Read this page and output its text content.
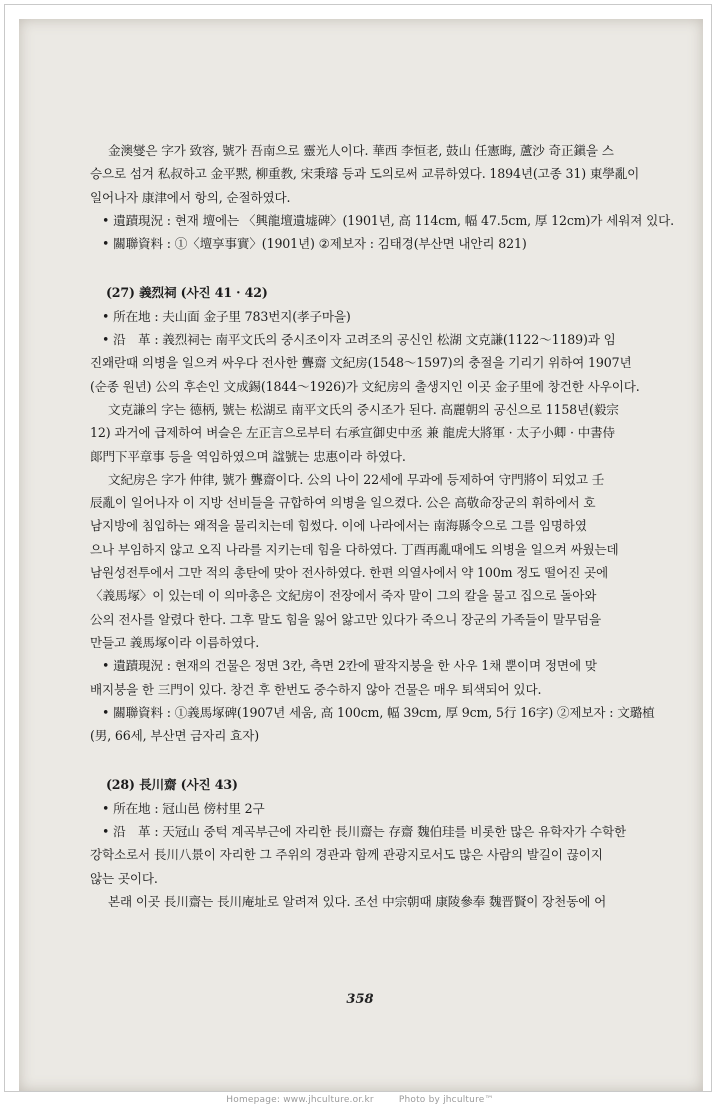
金澳燮은 字가 致容, 號가 吾南으로 靈光人이다. 華西 李恒老, 鼓山 任憲晦, 蘆沙 奇正鎭을 스

승으로 섬겨 私叔하고 金平黙, 柳重教, 宋秉璿 등과 도의로써 교류하였다. 1894년(고종 31) 東學亂이

일어나자 康津에서 항의, 순절하였다.

• 遺蹟現況 : 현재 壇에는 〈興龍壇遺墟碑〉(1901년, 高 114cm, 幅 47.5cm, 厚 12cm)가 세워져 있다.

• 關聯資料 : ①〈壇享事實〉(1901년) ②제보자 : 김태경(부산면 내안리 821)

(27) 義烈祠 (사진 41 · 42)

• 所在地 : 夫山面 金子里 783번지(孝子마을)

• 沿　革 : 義烈祠는 南平文氏의 중시조이자 고려조의 공신인 松湖 文克謙(1122～1189)과 임

진왜란때 의병을 일으켜 싸우다 전사한 聾齋 文紀房(1548～1597)의 충절을 기리기 위하여 1907년

(순종 원년) 公의 후손인 文成錫(1844～1926)가 文紀房의 출생지인 이곳 金子里에 창건한 사우이다.

文克謙의 字는 德柄, 號는 松湖로 南平文氏의 중시조가 된다. 高麗朝의 공신으로 1158년(毅宗

12) 과거에 급제하여 벼슬은 左正言으로부터 右承宣御史中丞 兼 龍虎大將軍 · 太子小卿 · 中書侍

郞門下平章事 등을 역임하였으며 諡號는 忠惠이라 하였다.

文紀房은 字가 仲律, 號가 聾齋이다. 公의 나이 22세에 무과에 등제하여 守門將이 되었고 壬

辰亂이 일어나자 이 지방 선비들을 규합하여 의병을 일으켰다. 公은 高敬命장군의 휘하에서 호

남지방에 침입하는 왜적을 물리치는데 힘썼다. 이에 나라에서는 南海縣令으로 그를 임명하였

으나 부임하지 않고 오직 나라를 지키는데 힘을 다하였다. 丁酉再亂때에도 의병을 일으켜 싸웠는데

남원성전투에서 그만 적의 총탄에 맞아 전사하였다. 한편 의열사에서 약 100m 정도 떨어진 곳에

〈義馬塚〉이 있는데 이 의마총은 文紀房이 전장에서 죽자 말이 그의 칼을 물고 집으로 돌아와

公의 전사를 알렸다 한다. 그후 말도 힘을 잃어 앓고만 있다가 죽으니 장군의 가족들이 말무덤을

만들고 義馬塚이라 이름하였다.

• 遺蹟現況 : 현재의 건물은 정면 3칸, 측면 2칸에 팔작지붕을 한 사우 1채 뿐이며 정면에 맞

배지붕을 한 三門이 있다. 창건 후 한번도 중수하지 않아 건물은 매우 퇴색되어 있다.

• 關聯資料 : ①義馬塚碑(1907년 세움, 高 100cm, 幅 39cm, 厚 9cm, 5行 16字) ②제보자 : 文璐植

(男, 66세, 부산면 금자리 효자)

(28) 長川齋 (사진 43)

• 所在地 : 冠山邑 傍村里 2구

• 沿　革 : 天冠山 중턱 계곡부근에 자리한 長川齋는 存齋 魏伯珪를 비롯한 많은 유학자가 수학한

강학소로서 長川八景이 자리한 그 주위의 경관과 함께 관광지로서도 많은 사람의 발길이 끊이지

않는 곳이다.

본래 이곳 長川齋는 長川庵址로 알려져 있다. 조선 中宗朝때 康陵參奉 魏晋賢이 장천동에 어

358
Homepage: www.jhculture.or.kr	Photo by jhculture™
